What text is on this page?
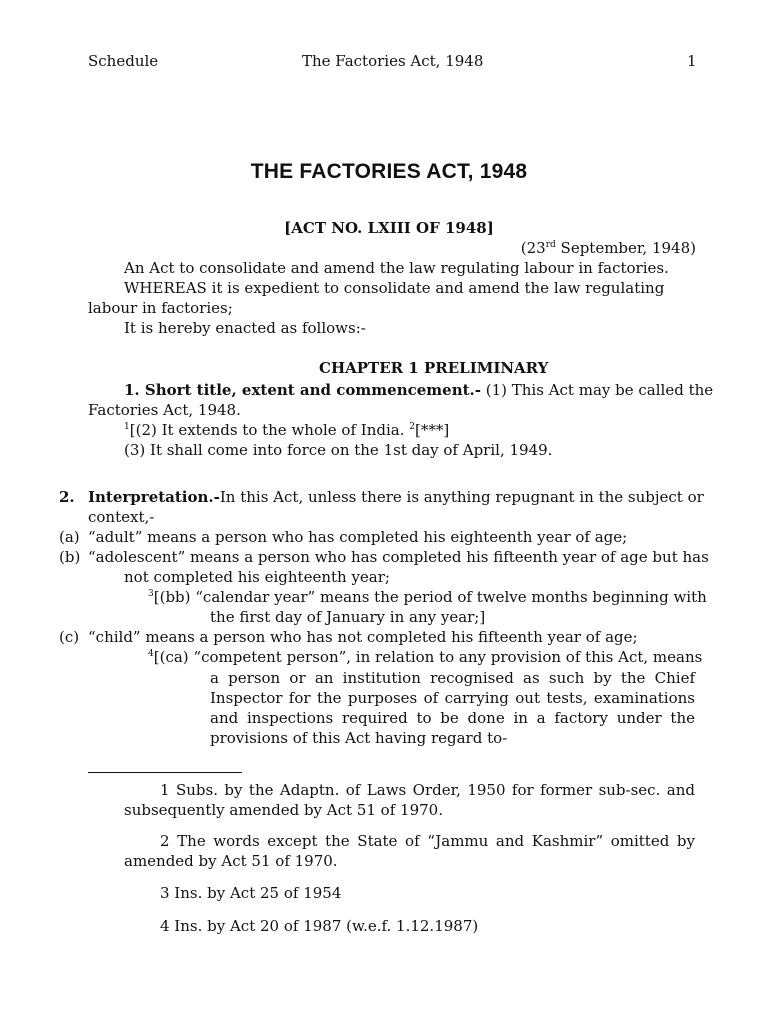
Schedule	The Factories Act, 1948	1
THE FACTORIES ACT, 1948
[ACT NO. LXIII OF 1948]
(23rd September, 1948)
An Act to consolidate and amend the law regulating labour in factories.
WHEREAS it is expedient to consolidate and amend the law regulating
labour in factories;
It is hereby enacted as follows:-
CHAPTER 1 PRELIMINARY
1. Short title, extent and commencement.- (1) This Act may be called the
Factories Act, 1948.
$^1$[(2) It extends to the whole of India. $^2$[***]
(3) It shall come into force on the 1st day of April, 1949.
2. Interpretation.-In this Act, unless there is anything repugnant in the subject or
context,-
(a) “adult” means a person who has completed his eighteenth year of age;
(b) “adolescent” means a person who has completed his fifteenth year of age but has
not completed his eighteenth year;
$^3$[(bb) “calendar year” means the period of twelve months beginning with
the first day of January in any year;]
(c) “child” means a person who has not completed his fifteenth year of age;
$^4$[(ca) “competent person”, in relation to any provision of this Act, means
a person or an institution recognised as such by the Chief Inspector for the purposes of carrying out tests, examinations and inspections required to be done in a factory under the provisions of this Act having regard to-
1 Subs. by the Adaptn. of Laws Order, 1950 for former sub-sec. and subsequently amended by Act 51 of 1970.
2 The words except the State of “Jammu and Kashmir” omitted by amended by Act 51 of 1970.
3 Ins. by Act 25 of 1954
4 Ins. by Act 20 of 1987 (w.e.f. 1.12.1987)
